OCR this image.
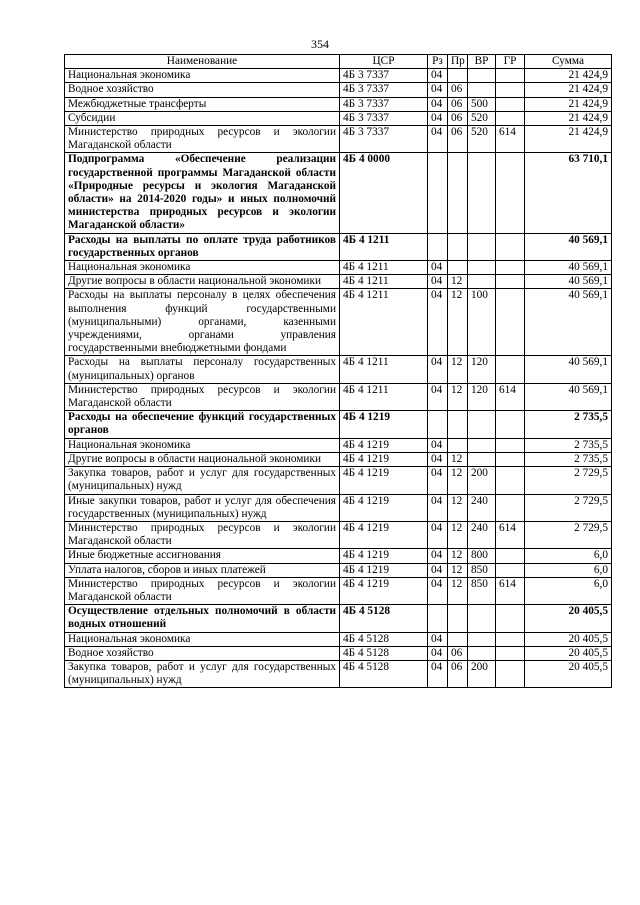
354
Наименование	ЦСР	Рз	Пр	ВР	ГР	Сумма
Национальная экономика	4Б 3 7337	04				21 424,9
Водное хозяйство	4Б 3 7337	04	06			21 424,9
Межбюджетные трансферты	4Б 3 7337	04	06	500		21 424,9
Субсидии	4Б 3 7337	04	06	520		21 424,9
Министерство природных ресурсов и экологии Магаданской области	4Б 3 7337	04	06	520	614	21 424,9
Подпрограмма «Обеспечение реализации государственной программы Магаданской области «Природные ресурсы и экология Магаданской области» на 2014-2020 годы» и иных полномочий министерства природных ресурсов и экологии Магаданской области»	4Б 4 0000					63 710,1
Расходы на выплаты по оплате труда работников государственных органов	4Б 4 1211					40 569,1
Национальная экономика	4Б 4 1211	04				40 569,1
Другие вопросы в области национальной экономики	4Б 4 1211	04	12			40 569,1
Расходы на выплаты персоналу в целях обеспечения выполнения функций государственными (муниципальными) органами, казенными учреждениями, органами управления государственными внебюджетными фондами	4Б 4 1211	04	12	100		40 569,1
Расходы на выплаты персоналу государственных (муниципальных) органов	4Б 4 1211	04	12	120		40 569,1
Министерство природных ресурсов и экологии Магаданской области	4Б 4 1211	04	12	120	614	40 569,1
Расходы на обеспечение функций государственных органов	4Б 4 1219					2 735,5
Национальная экономика	4Б 4 1219	04				2 735,5
Другие вопросы в области национальной экономики	4Б 4 1219	04	12			2 735,5
Закупка товаров, работ и услуг для государственных (муниципальных) нужд	4Б 4 1219	04	12	200		2 729,5
Иные закупки товаров, работ и услуг для обеспечения государственных (муниципальных) нужд	4Б 4 1219	04	12	240		2 729,5
Министерство природных ресурсов и экологии Магаданской области	4Б 4 1219	04	12	240	614	2 729,5
Иные бюджетные ассигнования	4Б 4 1219	04	12	800		6,0
Уплата налогов, сборов и иных платежей	4Б 4 1219	04	12	850		6,0
Министерство природных ресурсов и экологии Магаданской области	4Б 4 1219	04	12	850	614	6,0
Осуществление отдельных полномочий в области водных отношений	4Б 4 5128					20 405,5
Национальная экономика	4Б 4 5128	04				20 405,5
Водное хозяйство	4Б 4 5128	04	06			20 405,5
Закупка товаров, работ и услуг для государственных (муниципальных) нужд	4Б 4 5128	04	06	200		20 405,5
